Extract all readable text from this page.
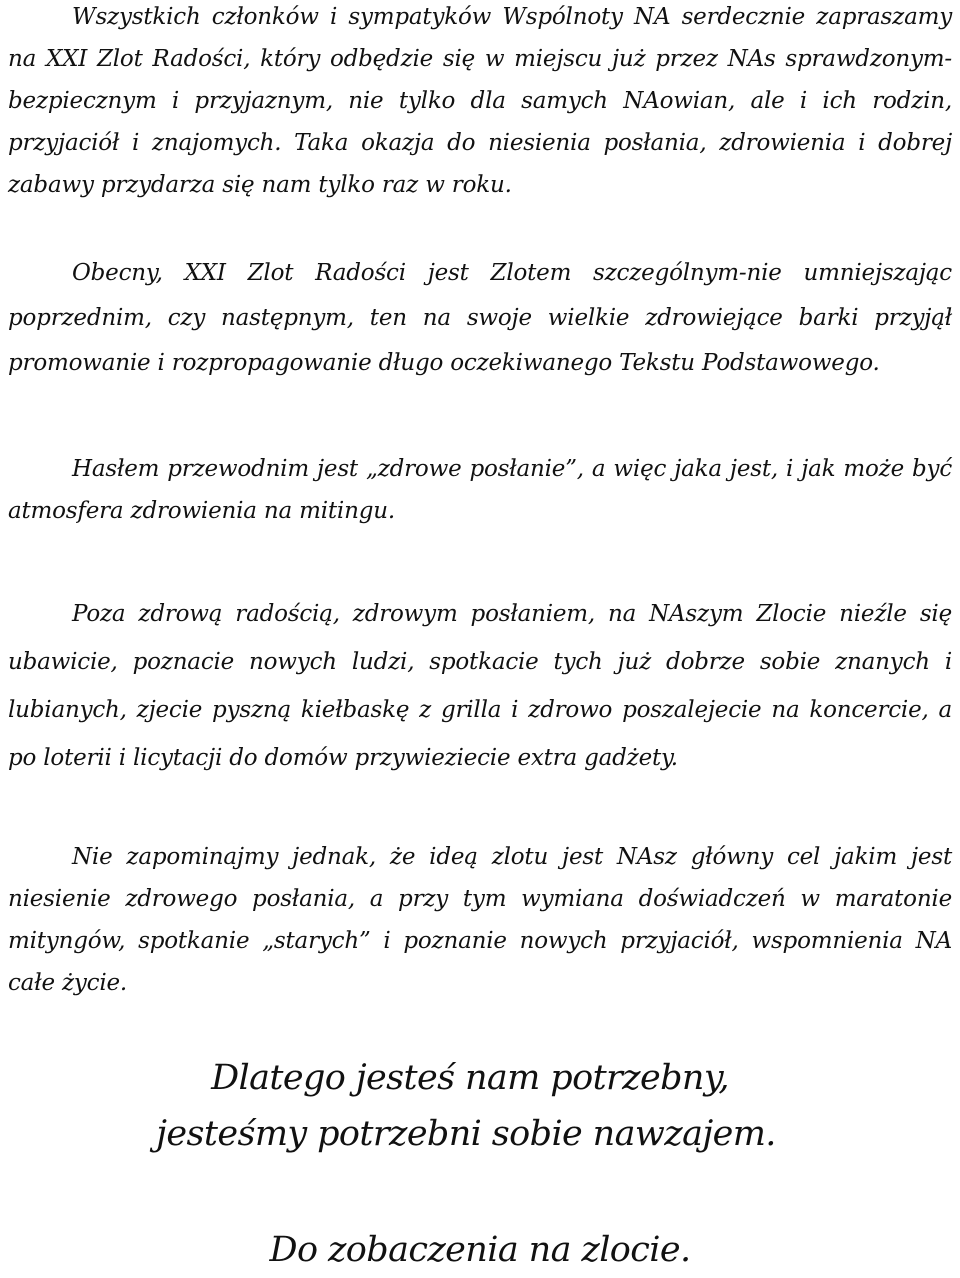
Wszystkich członków i sympatyków Wspólnoty NA serdecznie zapraszamy na XXI Zlot Radości, który odbędzie się w miejscu już przez NAs sprawdzonym-bezpiecznym i przyjaznym, nie tylko dla samych NAowian, ale i ich rodzin, przyjaciół i znajomych. Taka okazja do niesienia posłania, zdrowienia i dobrej zabawy przydarza się nam tylko raz w roku.

Obecny, XXI Zlot Radości jest Zlotem szczególnym-nie umniejszając poprzednim, czy następnym, ten na swoje wielkie zdrowiejące barki przyjął promowanie i rozpropagowanie długo oczekiwanego Tekstu Podstawowego.

Hasłem przewodnim jest „zdrowe posłanie”, a więc jaka jest, i jak może być atmosfera zdrowienia na mitingu.

Poza zdrową radością, zdrowym posłaniem, na NAszym Zlocie nieźle się ubawicie, poznacie nowych ludzi, spotkacie tych już dobrze sobie znanych i lubianych, zjecie pyszną kiełbaskę z grilla i zdrowo poszalejecie na koncercie, a po loterii i licytacji do domów przywieziecie extra gadżety.

Nie zapominajmy jednak, że ideą zlotu jest NAsz główny cel jakim jest niesienie zdrowego posłania, a przy tym wymiana doświadczeń w maratonie mityngów, spotkanie „starych” i poznanie nowych przyjaciół, wspomnienia NA całe życie.

Dlatego jesteś nam potrzebny,

jesteśmy potrzebni sobie nawzajem.

Do zobaczenia na zlocie.
